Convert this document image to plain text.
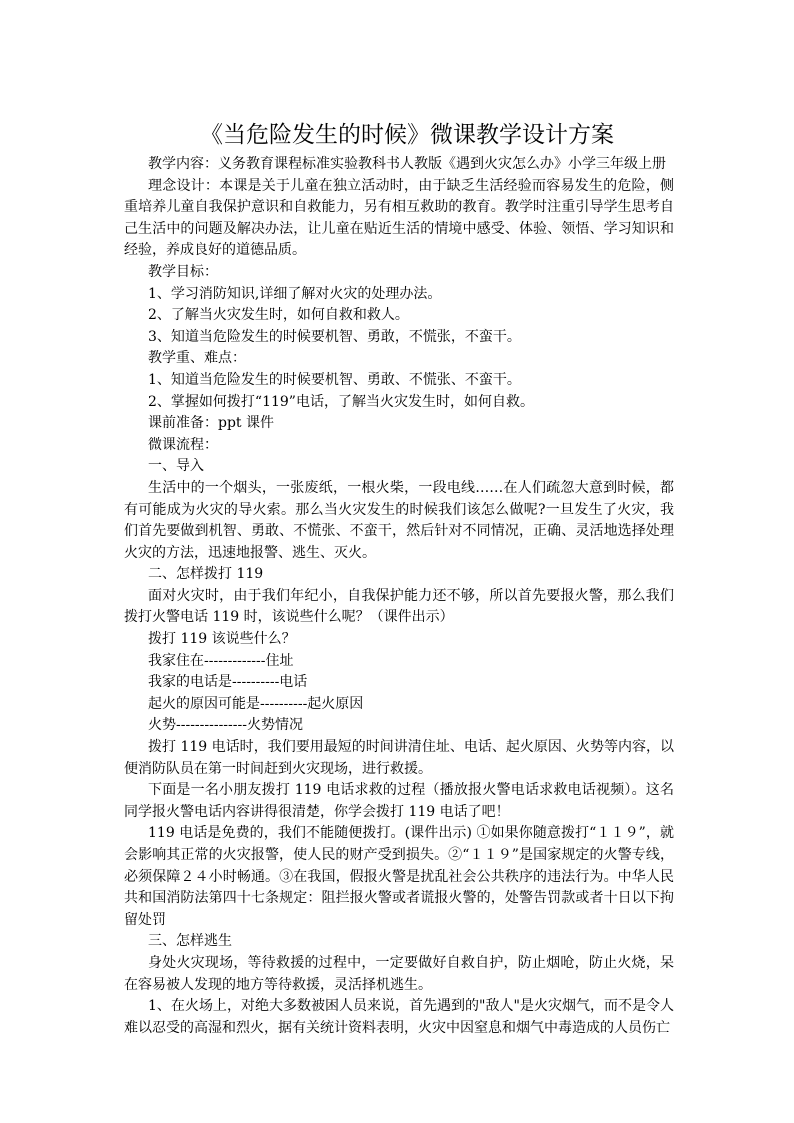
《当危险发生的时候》微课教学设计方案

教学内容：义务教育课程标准实验教科书人教版《遇到火灾怎么办》小学三年级上册

理念设计：本课是关于儿童在独立活动时，由于缺乏生活经验而容易发生的危险，侧重培养儿童自我保护意识和自救能力，另有相互救助的教育。教学时注重引导学生思考自己生活中的问题及解决办法，让儿童在贴近生活的情境中感受、体验、领悟、学习知识和经验，养成良好的道德品质。

教学目标：

1、学习消防知识,详细了解对火灾的处理办法。

2、了解当火灾发生时，如何自救和救人。

3、知道当危险发生的时候要机智、勇敢，不慌张，不蛮干。

教学重、难点：

1、知道当危险发生的时候要机智、勇敢、不慌张、不蛮干。

2、掌握如何拨打“119”电话，了解当火灾发生时，如何自救。

课前准备：ppt 课件

微课流程：

一、导入

生活中的一个烟头，一张废纸，一根火柴，一段电线……在人们疏忽大意到时候，都有可能成为火灾的导火索。那么当火灾发生的时候我们该怎么做呢?一旦发生了火灾，我们首先要做到机智、勇敢、不慌张、不蛮干，然后针对不同情况，正确、灵活地选择处理火灾的方法，迅速地报警、逃生、灭火。

二、怎样拨打 119

面对火灾时，由于我们年纪小，自我保护能力还不够，所以首先要报火警，那么我们拨打火警电话 119 时，该说些什么呢？（课件出示）

拨打 119 该说些什么？

我家住在-------------住址

我家的电话是----------电话

起火的原因可能是----------起火原因

火势---------------火势情况

拨打 119 电话时，我们要用最短的时间讲清住址、电话、起火原因、火势等内容，以便消防队员在第一时间赶到火灾现场，进行救援。

下面是一名小朋友拨打 119 电话求救的过程（播放报火警电话求救电话视频）。这名同学报火警电话内容讲得很清楚，你学会拨打 119 电话了吧！

119 电话是免费的，我们不能随便拨打。(课件出示) ①如果你随意拨打“１１９”，就会影响其正常的火灾报警，使人民的财产受到损失。②“１１９”是国家规定的火警专线，必须保障２４小时畅通。③在我国，假报火警是扰乱社会公共秩序的违法行为。中华人民共和国消防法第四十七条规定：阻拦报火警或者谎报火警的，处警告罚款或者十日以下拘留处罚

三、怎样逃生

身处火灾现场，等待救援的过程中，一定要做好自救自护，防止烟呛，防止火烧，呆在容易被人发现的地方等待救援，灵活择机逃生。

1、在火场上，对绝大多数被困人员来说，首先遇到的"敌人"是火灾烟气，而不是令人难以忍受的高湿和烈火，据有关统计资料表明，火灾中因窒息和烟气中毒造成的人员伤亡
